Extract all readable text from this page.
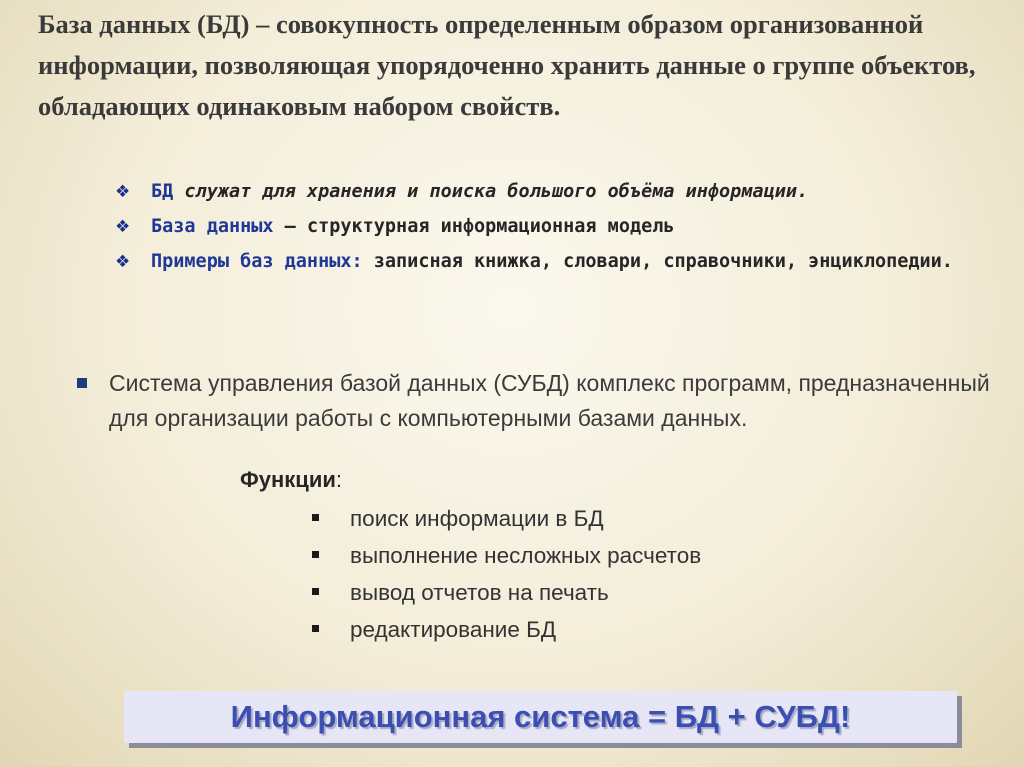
База данных (БД) – совокупность определенным образом организованной информации, позволяющая упорядоченно хранить данные о группе объектов, обладающих одинаковым набором свойств.
❖	БД служат для хранения и поиска большого объёма информации.
❖	База данных – структурная информационная модель
❖	Примеры баз данных: записная книжка, словари, справочники, энциклопедии.
Система управления базой данных (СУБД) комплекс программ, предназначенный для организации работы с компьютерными базами данных.
Функции:
поиск информации в БД
выполнение несложных расчетов
вывод отчетов на печать
редактирование БД
Информационная система = БД + СУБД!
